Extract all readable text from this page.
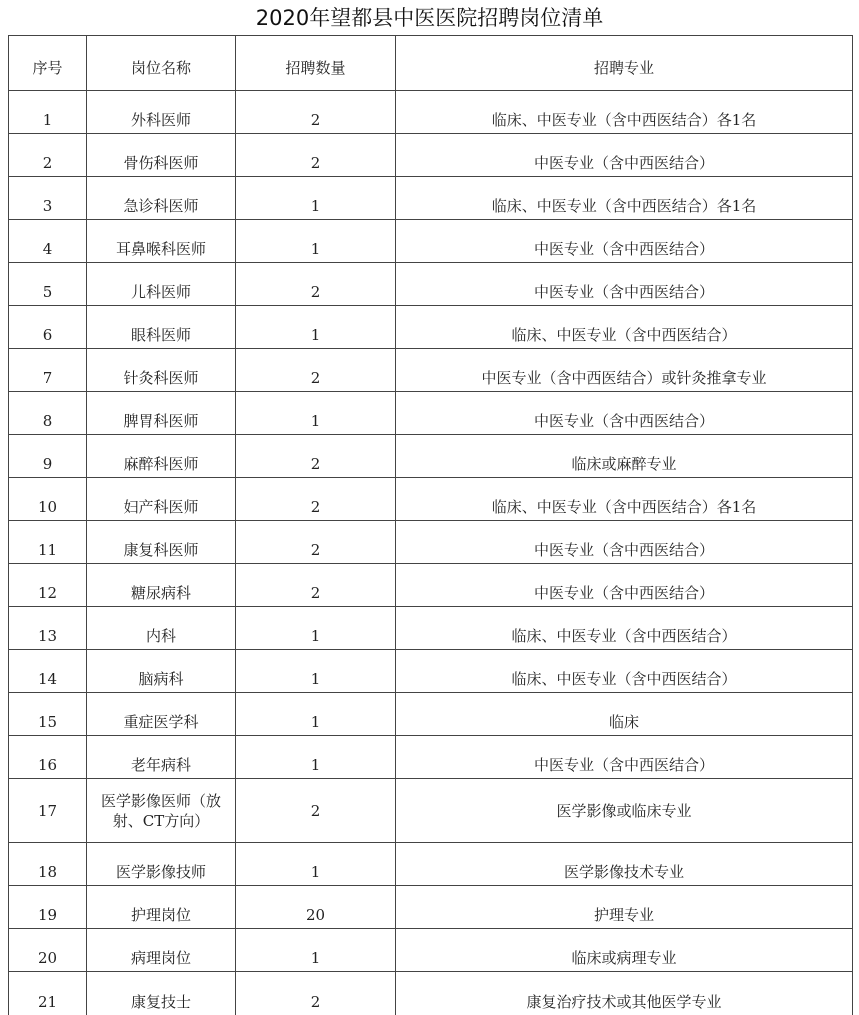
2020年望都县中医医院招聘岗位清单
序号	岗位名称	招聘数量	招聘专业
1	外科医师	2	临床、中医专业（含中西医结合）各1名
2	骨伤科医师	2	中医专业（含中西医结合）
3	急诊科医师	1	临床、中医专业（含中西医结合）各1名
4	耳鼻喉科医师	1	中医专业（含中西医结合）
5	儿科医师	2	中医专业（含中西医结合）
6	眼科医师	1	临床、中医专业（含中西医结合）
7	针灸科医师	2	中医专业（含中西医结合）或针灸推拿专业
8	脾胃科医师	1	中医专业（含中西医结合）
9	麻醉科医师	2	临床或麻醉专业
10	妇产科医师	2	临床、中医专业（含中西医结合）各1名
11	康复科医师	2	中医专业（含中西医结合）
12	糖尿病科	2	中医专业（含中西医结合）
13	内科	1	临床、中医专业（含中西医结合）
14	脑病科	1	临床、中医专业（含中西医结合）
15	重症医学科	1	临床
16	老年病科	1	中医专业（含中西医结合）
17	医学影像医师（放射、CT方向）	2	医学影像或临床专业
18	医学影像技师	1	医学影像技术专业
19	护理岗位	20	护理专业
20	病理岗位	1	临床或病理专业
21	康复技士	2	康复治疗技术或其他医学专业
